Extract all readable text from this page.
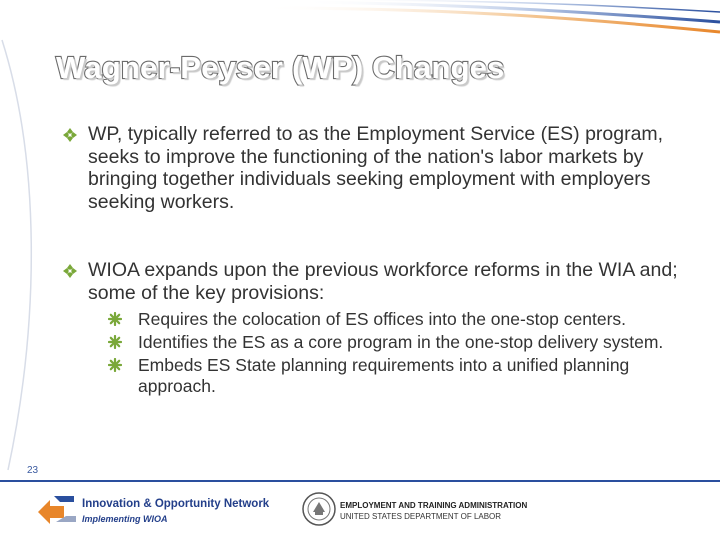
Wagner-Peyser (WP) Changes
WP, typically referred to as the Employment Service (ES) program, seeks to improve the functioning of the nation's labor markets by bringing together individuals seeking employment with employers seeking workers.
WIOA expands upon the previous workforce reforms in the WIA and; some of the key provisions:
Requires the colocation of ES offices into the one-stop centers.
Identifies the ES as a core program in the one-stop delivery system.
Embeds ES State planning requirements into a unified planning approach.
23
Innovation & Opportunity Network
Implementing WIOA
EMPLOYMENT AND TRAINING ADMINISTRATION
UNITED STATES DEPARTMENT OF LABOR
